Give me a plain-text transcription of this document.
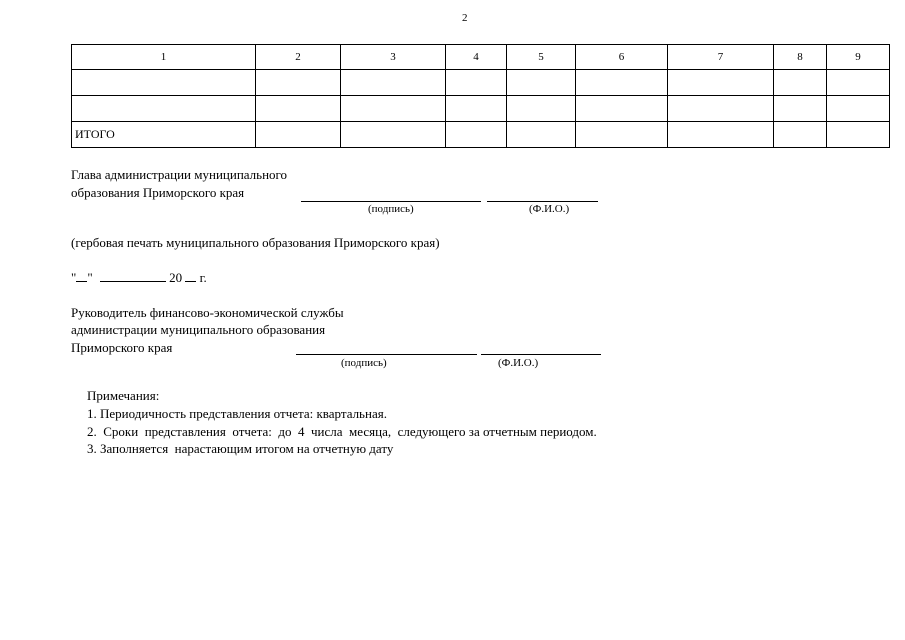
2
1	2	3	4	5	6	7	8	9

ИТОГО								
Глава администрации муниципального
образования Приморского края
(подпись)	(Ф.И.О.)
(гербовая печать муниципального образования Приморского края)
" "	20 г.
Руководитель финансово-экономической службы
администрации муниципального образования
Приморского края
(подпись)	(Ф.И.О.)
Примечания:
1. Периодичность представления отчета: квартальная.
2.  Сроки  представления  отчета:  до  4  числа  месяца,  следующего за отчетным периодом.
3. Заполняется  нарастающим итогом на отчетную дату
